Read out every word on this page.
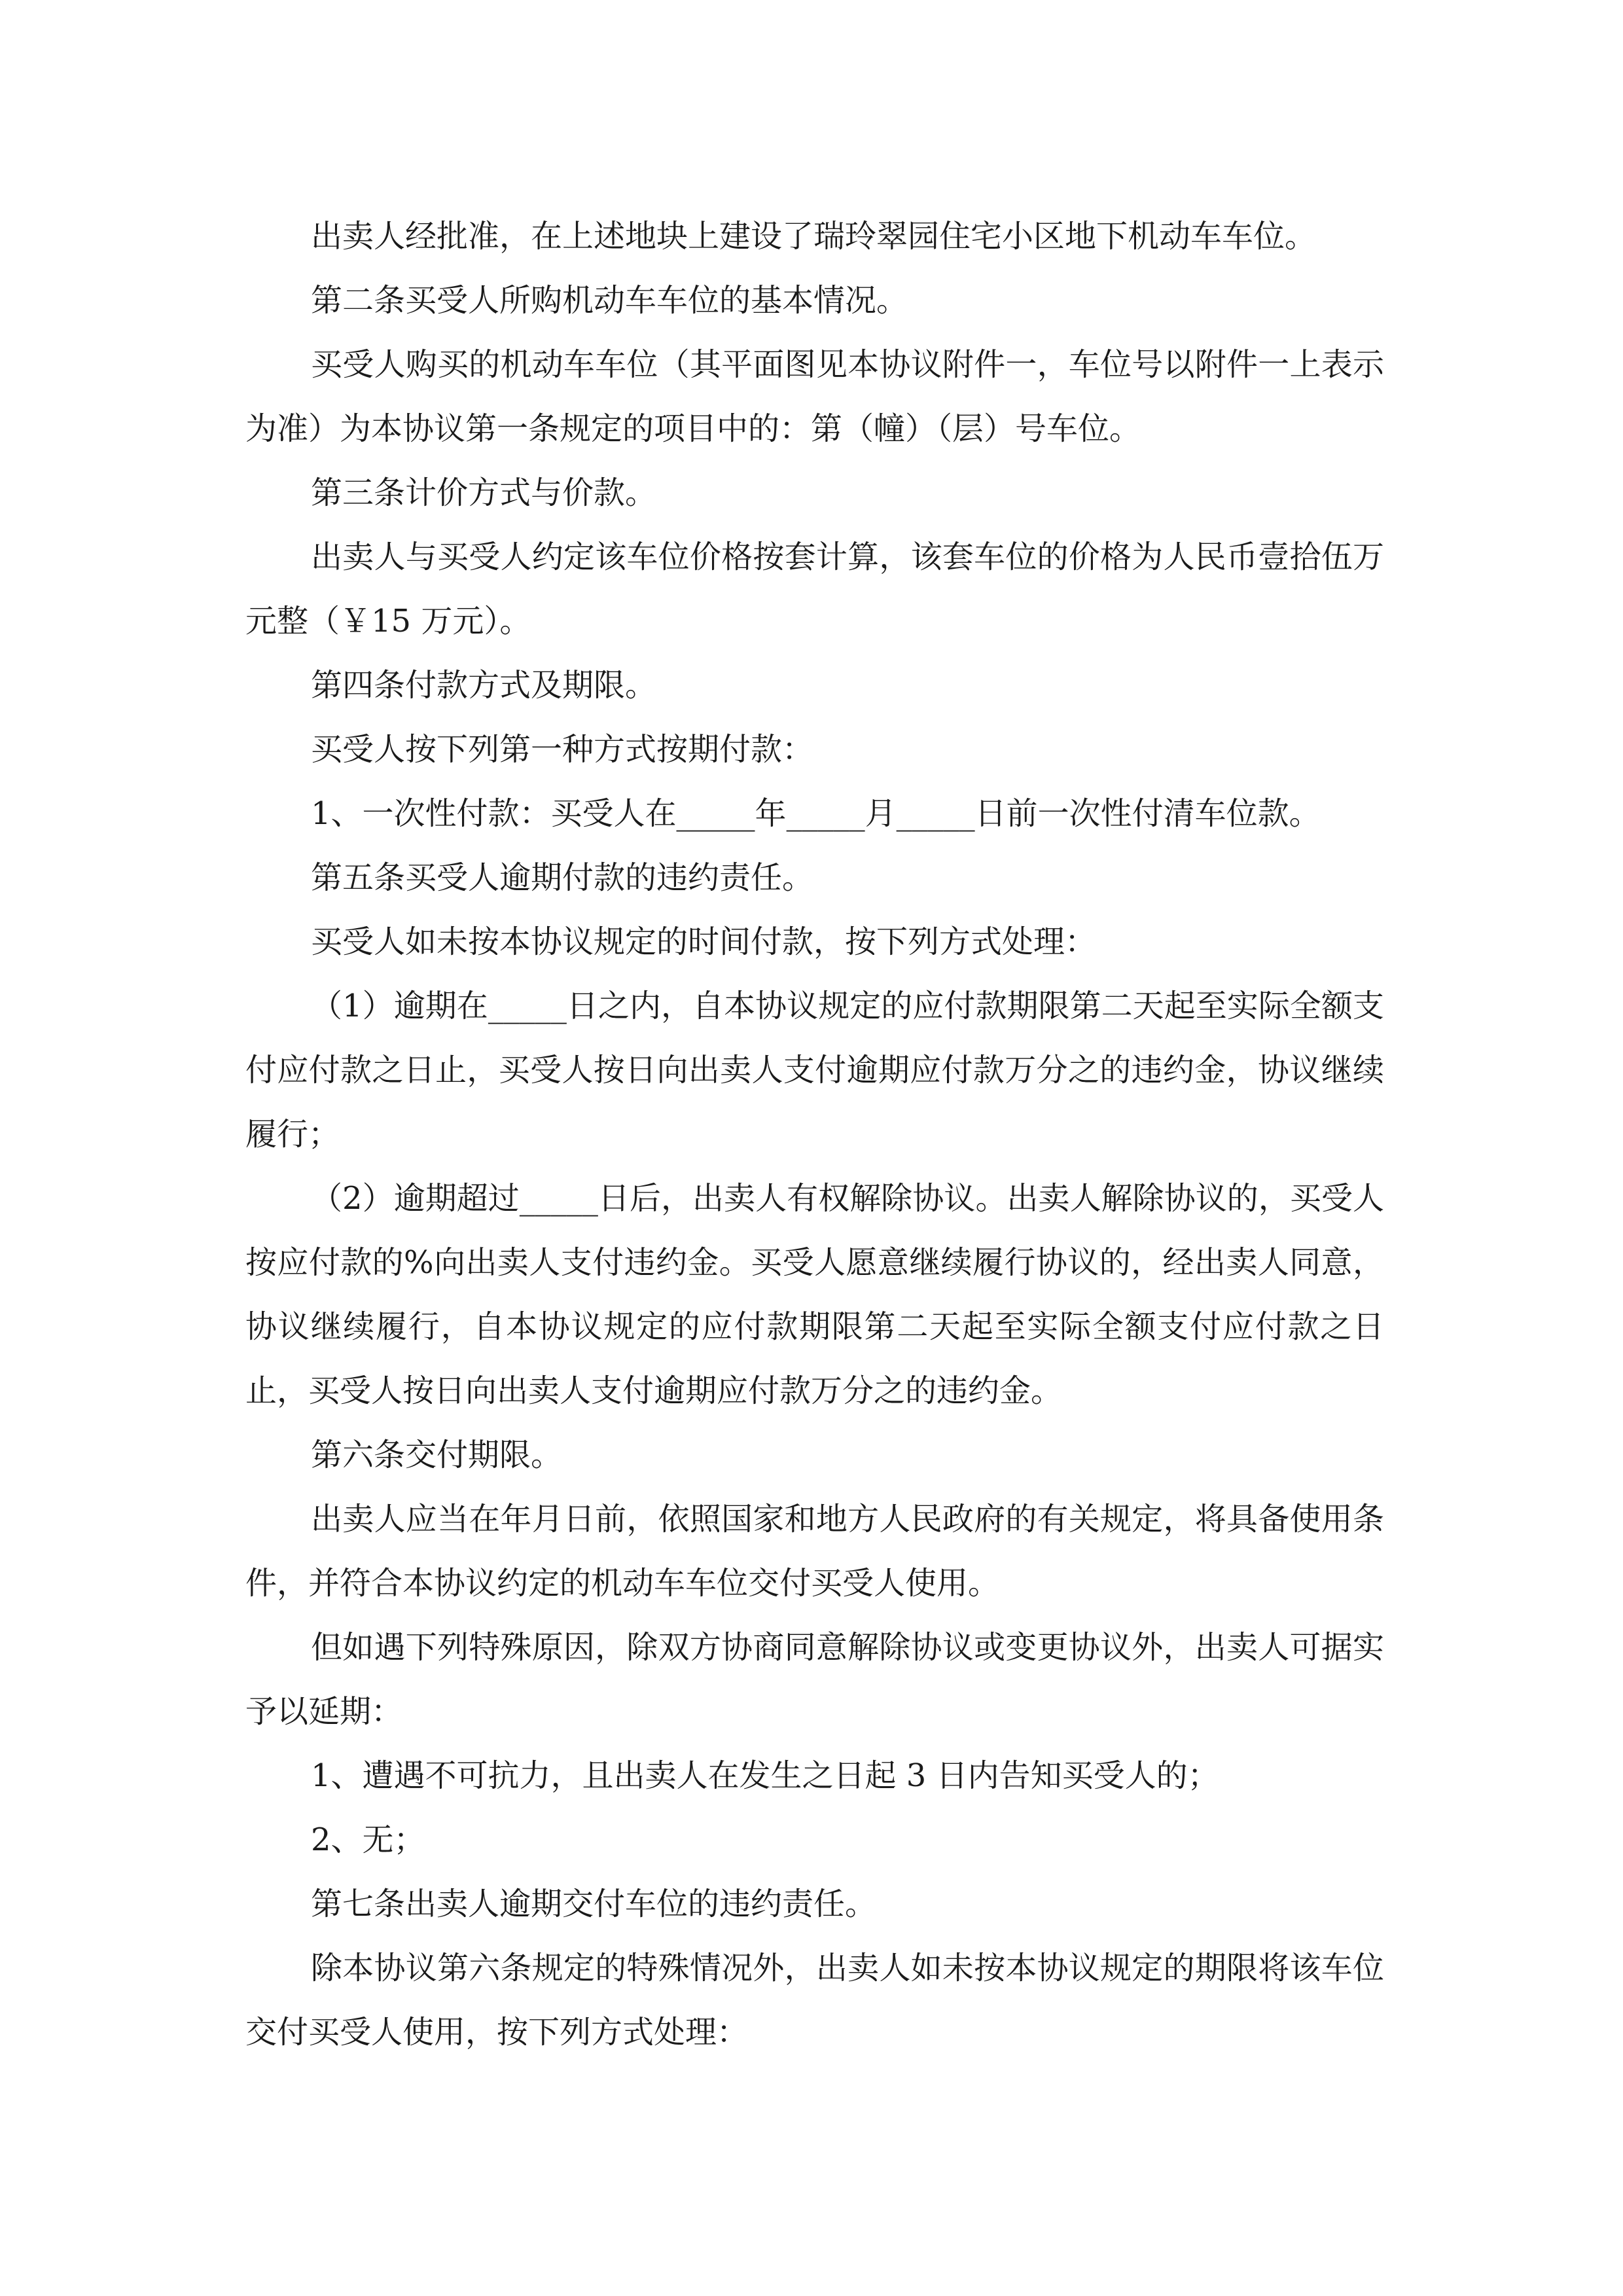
出卖人经批准，在上述地块上建设了瑞玲翠园住宅小区地下机动车车位。

第二条买受人所购机动车车位的基本情况。

买受人购买的机动车车位（其平面图见本协议附件一，车位号以附件一上表示为准）为本协议第一条规定的项目中的：第（幢）（层）号车位。

第三条计价方式与价款。

出卖人与买受人约定该车位价格按套计算，该套车位的价格为人民币壹拾伍万元整（￥15 万元）。

第四条付款方式及期限。

买受人按下列第一种方式按期付款：

1、一次性付款：买受人在_____年_____月_____日前一次性付清车位款。

第五条买受人逾期付款的违约责任。

买受人如未按本协议规定的时间付款，按下列方式处理：

（1）逾期在_____日之内，自本协议规定的应付款期限第二天起至实际全额支付应付款之日止，买受人按日向出卖人支付逾期应付款万分之的违约金，协议继续履行；

（2）逾期超过_____日后，出卖人有权解除协议。出卖人解除协议的，买受人按应付款的%向出卖人支付违约金。买受人愿意继续履行协议的，经出卖人同意，协议继续履行，自本协议规定的应付款期限第二天起至实际全额支付应付款之日止，买受人按日向出卖人支付逾期应付款万分之的违约金。

第六条交付期限。

出卖人应当在年月日前，依照国家和地方人民政府的有关规定，将具备使用条件，并符合本协议约定的机动车车位交付买受人使用。

但如遇下列特殊原因，除双方协商同意解除协议或变更协议外，出卖人可据实予以延期：

1、遭遇不可抗力，且出卖人在发生之日起 3 日内告知买受人的；

2、无；

第七条出卖人逾期交付车位的违约责任。

除本协议第六条规定的特殊情况外，出卖人如未按本协议规定的期限将该车位交付买受人使用，按下列方式处理：
